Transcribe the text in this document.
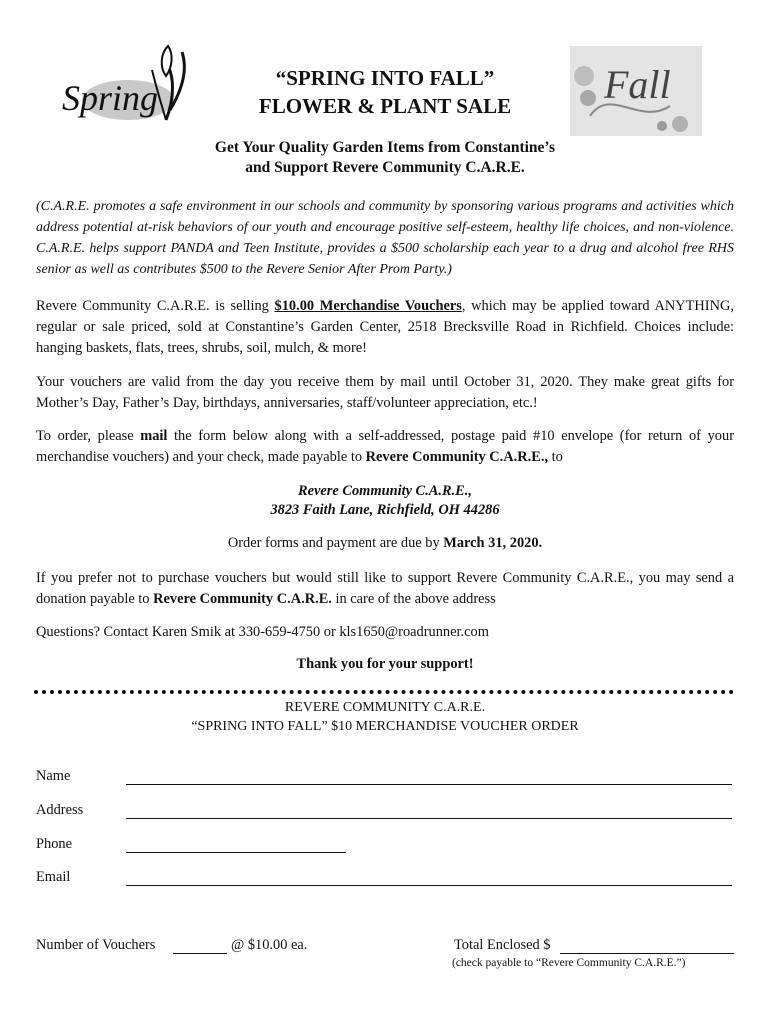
Spring	“SPRING INTO FALL”
FLOWER & PLANT SALE	Fall
Get Your Quality Garden Items from Constantine’s
and Support Revere Community C.A.R.E.
(C.A.R.E. promotes a safe environment in our schools and community by sponsoring various programs and activities which address potential at-risk behaviors of our youth and encourage positive self-esteem, healthy life choices, and non-violence. C.A.R.E. helps support PANDA and Teen Institute, provides a $500 scholarship each year to a drug and alcohol free RHS senior as well as contributes $500 to the Revere Senior After Prom Party.)
Revere Community C.A.R.E. is selling $10.00 Merchandise Vouchers, which may be applied toward ANYTHING, regular or sale priced, sold at Constantine’s Garden Center, 2518 Brecksville Road in Richfield. Choices include: hanging baskets, flats, trees, shrubs, soil, mulch, & more!
Your vouchers are valid from the day you receive them by mail until October 31, 2020. They make great gifts for Mother’s Day, Father’s Day, birthdays, anniversaries, staff/volunteer appreciation, etc.!
To order, please mail the form below along with a self-addressed, postage paid #10 envelope (for return of your merchandise vouchers) and your check, made payable to Revere Community C.A.R.E., to
Revere Community C.A.R.E.,
3823 Faith Lane, Richfield, OH 44286
Order forms and payment are due by March 31, 2020.
If you prefer not to purchase vouchers but would still like to support Revere Community C.A.R.E., you may send a donation payable to Revere Community C.A.R.E. in care of the above address
Questions? Contact Karen Smik at 330-659-4750 or kls1650@roadrunner.com
Thank you for your support!
REVERE COMMUNITY C.A.R.E.
“SPRING INTO FALL” $10 MERCHANDISE VOUCHER ORDER
Name
Address
Phone
Email
Number of Vouchers	@ $10.00 ea.	Total Enclosed $
(check payable to “Revere Community C.A.R.E.”)
